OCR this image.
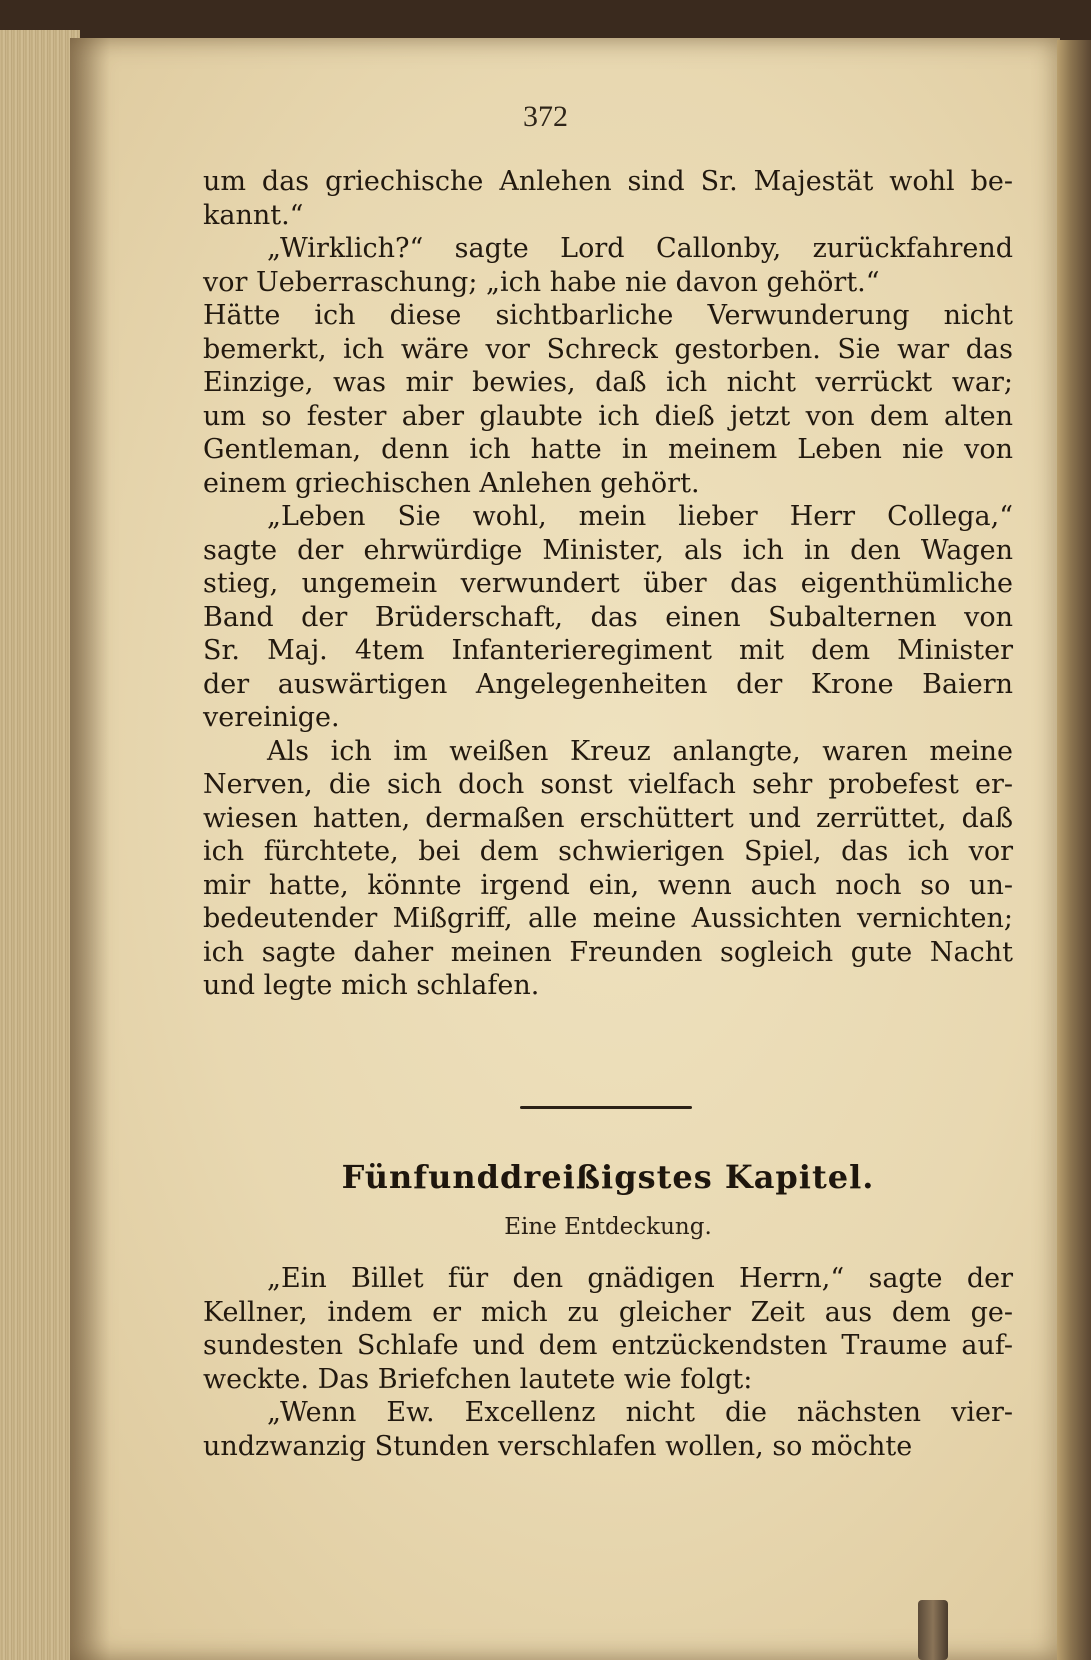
372
um das griechische Anlehen sind Sr. Majestät wohl be-
kannt.“
„Wirklich?“ sagte Lord Callonby, zurückfahrend
vor Ueberraschung; „ich habe nie davon gehört.“
Hätte ich diese sichtbarliche Verwunderung nicht
bemerkt, ich wäre vor Schreck gestorben. Sie war das
Einzige, was mir bewies, daß ich nicht verrückt war;
um so fester aber glaubte ich dieß jetzt von dem alten
Gentleman, denn ich hatte in meinem Leben nie von
einem griechischen Anlehen gehört.
„Leben Sie wohl, mein lieber Herr Collega,“
sagte der ehrwürdige Minister, als ich in den Wagen
stieg, ungemein verwundert über das eigenthümliche
Band der Brüderschaft, das einen Subalternen von
Sr. Maj. 4tem Infanterieregiment mit dem Minister
der auswärtigen Angelegenheiten der Krone Baiern
vereinige.
Als ich im weißen Kreuz anlangte, waren meine
Nerven, die sich doch sonst vielfach sehr probefest er-
wiesen hatten, dermaßen erschüttert und zerrüttet, daß
ich fürchtete, bei dem schwierigen Spiel, das ich vor
mir hatte, könnte irgend ein, wenn auch noch so un-
bedeutender Mißgriff, alle meine Aussichten vernichten;
ich sagte daher meinen Freunden sogleich gute Nacht
und legte mich schlafen.
Fünfunddreißigstes Kapitel.
Eine Entdeckung.
„Ein Billet für den gnädigen Herrn,“ sagte der
Kellner, indem er mich zu gleicher Zeit aus dem ge-
sundesten Schlafe und dem entzückendsten Traume auf-
weckte. Das Briefchen lautete wie folgt:
„Wenn Ew. Excellenz nicht die nächsten vier-
undzwanzig Stunden verschlafen wollen, so möchte
